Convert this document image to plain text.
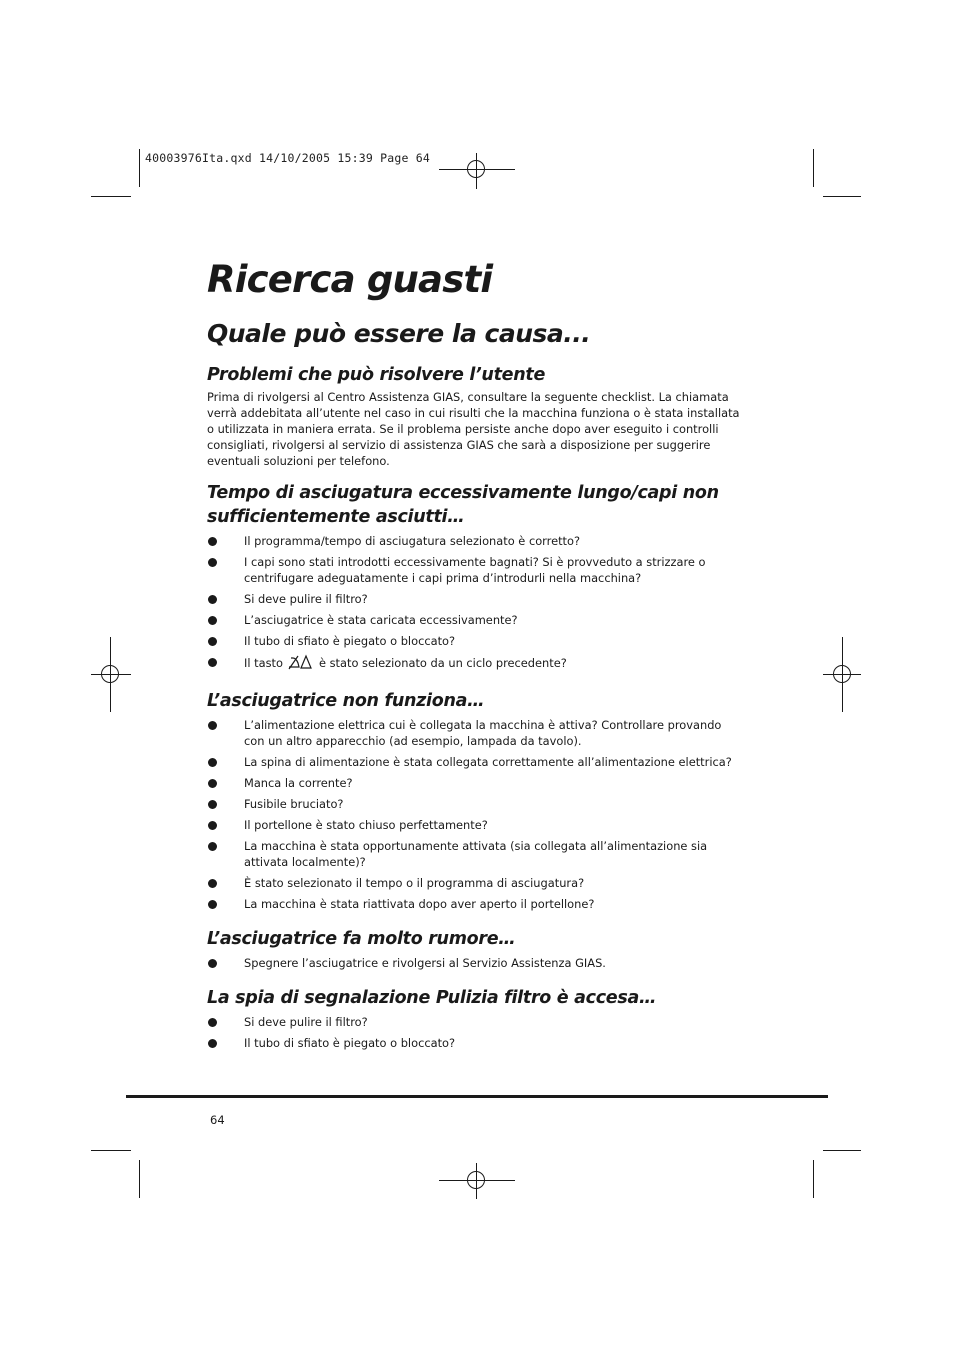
40003976Ita.qxd 14/10/2005 15:39 Page 64
Ricerca guasti
Quale può essere la causa...
Problemi che può risolvere l’utente

Prima di rivolgersi al Centro Assistenza GIAS, consultare la seguente checklist. La chiamata verrà addebitata all’utente nel caso in cui risulti che la macchina funziona o è stata installata o utilizzata in maniera errata. Se il problema persiste anche dopo aver eseguito i controlli consigliati, rivolgersi al servizio di assistenza GIAS che sarà a disposizione per suggerire eventuali soluzioni per telefono.

Tempo di asciugatura eccessivamente lungo/capi non sufficientemente asciutti…
Il programma/tempo di asciugatura selezionato è corretto?
I capi sono stati introdotti eccessivamente bagnati? Si è provveduto a strizzare o centrifugare adeguatamente i capi prima d’introdurli nella macchina?
Si deve pulire il filtro?
L’asciugatrice è stata caricata eccessivamente?
Il tubo di sfiato è piegato o bloccato?
Il tasto	è stato selezionato da un ciclo precedente?
L’asciugatrice non funziona…
L’alimentazione elettrica cui è collegata la macchina è attiva? Controllare provando con un altro apparecchio (ad esempio, lampada da tavolo).
La spina di alimentazione è stata collegata correttamente all’alimentazione elettrica?
Manca la corrente?
Fusibile bruciato?
Il portellone è stato chiuso perfettamente?
La macchina è stata opportunamente attivata (sia collegata all’alimentazione sia attivata localmente)?
È stato selezionato il tempo o il programma di asciugatura?
La macchina è stata riattivata dopo aver aperto il portellone?
L’asciugatrice fa molto rumore…
Spegnere l’asciugatrice e rivolgersi al Servizio Assistenza GIAS.
La spia di segnalazione Pulizia filtro è accesa…
Si deve pulire il filtro?
Il tubo di sfiato è piegato o bloccato?
64
